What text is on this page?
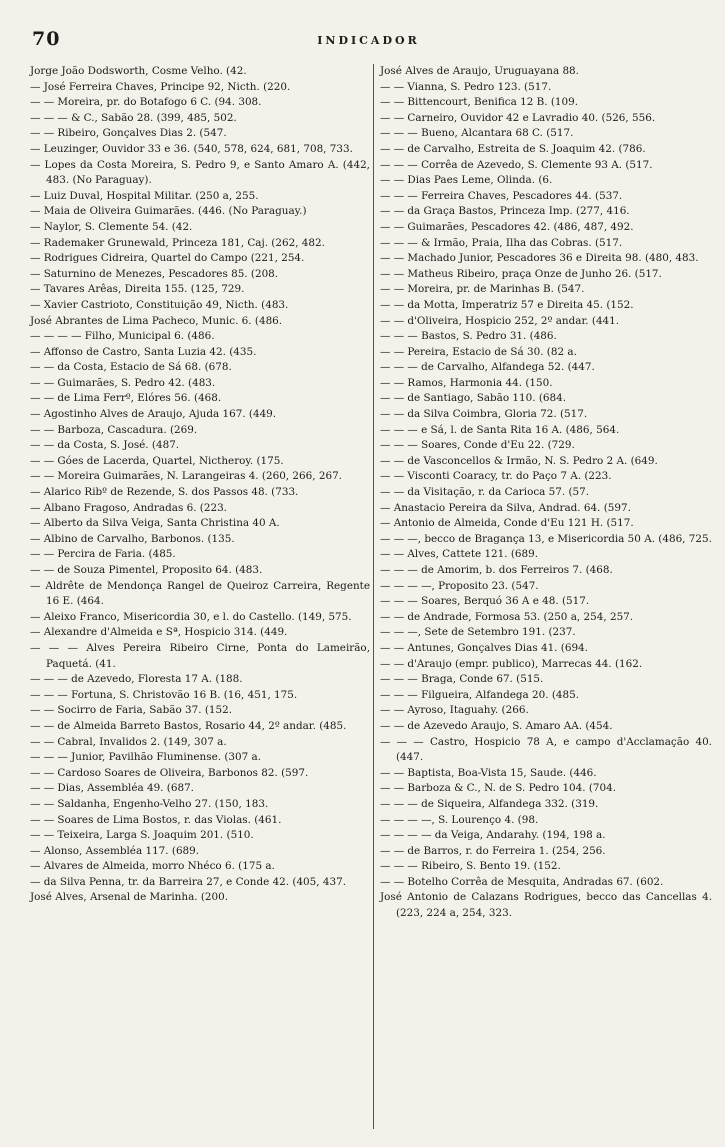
70	INDICADOR
Jorge João Dodsworth, Cosme Velho. (42.
— José Ferreira Chaves, Principe 92, Nicth. (220.
— — Moreira, pr. do Botafogo 6 C. (94. 308.
— — — & C., Sabão 28. (399, 485, 502.
— — Ribeiro, Gonçalves Dias 2. (547.
— Leuzinger, Ouvidor 33 e 36. (540, 578, 624, 681, 708, 733.
— Lopes da Costa Moreira, S. Pedro 9, e Santo Amaro A. (442, 483. (No Paraguay).
— Luiz Duval, Hospital Militar. (250 a, 255.
— Maia de Oliveira Guimarães. (446. (No Paraguay.)
— Naylor, S. Clemente 54. (42.
— Rademaker Grunewald, Princeza 181, Caj. (262, 482.
— Rodrigues Cidreira, Quartel do Campo (221, 254.
— Saturnino de Menezes, Pescadores 85. (208.
— Tavares Arêas, Direita 155. (125, 729.
— Xavier Castrioto, Constituição 49, Nicth. (483.
José Abrantes de Lima Pacheco, Munic. 6. (486.
— — — — Filho, Municipal 6. (486.
— Affonso de Castro, Santa Luzia 42. (435.
— — da Costa, Estacio de Sá 68. (678.
— — Guimarães, S. Pedro 42. (483.
— — de Lima Ferrº, Elóres 56. (468.
— Agostinho Alves de Araujo, Ajuda 167. (449.
— — Barboza, Cascadura. (269.
— — da Costa, S. José. (487.
— — Góes de Lacerda, Quartel, Nictheroy. (175.
— — Moreira Guimarães, N. Larangeiras 4. (260, 266, 267.
— Alarico Ribº de Rezende, S. dos Passos 48. (733.
— Albano Fragoso, Andradas 6. (223.
— Alberto da Silva Veiga, Santa Christina 40 A.
— Albino de Carvalho, Barbonos. (135.
— — Percira de Faria. (485.
— — de Souza Pimentel, Proposito 64. (483.
— Aldrête de Mendonça Rangel de Queiroz Carreira, Regente 16 E. (464.
— Aleixo Franco, Misericordia 30, e l. do Castello. (149, 575.
— Alexandre d'Almeida e Sª, Hospicio 314. (449.
— — — Alves Pereira Ribeiro Cirne, Ponta do Lameirão, Paquetá. (41.
— — — de Azevedo, Floresta 17 A. (188.
— — — Fortuna, S. Christovão 16 B. (16, 451, 175.
— — Socirro de Faria, Sabão 37. (152.
— — de Almeida Barreto Bastos, Rosario 44, 2º andar. (485.
— — Cabral, Invalidos 2. (149, 307 a.
— — — Junior, Pavilhão Fluminense. (307 a.
— — Cardoso Soares de Oliveira, Barbonos 82. (597.
— — Dias, Assembléa 49. (687.
— — Saldanha, Engenho-Velho 27. (150, 183.
— — Soares de Lima Bostos, r. das Violas. (461.
— — Teixeira, Larga S. Joaquim 201. (510.
— Alonso, Assembléa 117. (689.
— Alvares de Almeida, morro Nhéco 6. (175 a.
— da Silva Penna, tr. da Barreira 27, e Conde 42. (405, 437.
José Alves, Arsenal de Marinha. (200.
José Alves de Araujo, Uruguayana 88.
— — Vianna, S. Pedro 123. (517.
— — Bittencourt, Benifica 12 B. (109.
— — Carneiro, Ouvidor 42 e Lavradio 40. (526, 556.
— — — Bueno, Alcantara 68 C. (517.
— — de Carvalho, Estreita de S. Joaquim 42. (786.
— — — Corrêa de Azevedo, S. Clemente 93 A. (517.
— — Dias Paes Leme, Olinda. (6.
— — — Ferreira Chaves, Pescadores 44. (537.
— — da Graça Bastos, Princeza Imp. (277, 416.
— — Guimarães, Pescadores 42. (486, 487, 492.
— — — & Irmão, Praia, Ilha das Cobras. (517.
— — Machado Junior, Pescadores 36 e Direita 98. (480, 483.
— — Matheus Ribeiro, praça Onze de Junho 26. (517.
— — Moreira, pr. de Marinhas B. (547.
— — da Motta, Imperatriz 57 e Direita 45. (152.
— — d'Oliveira, Hospicio 252, 2º andar. (441.
— — — Bastos, S. Pedro 31. (486.
— — Pereira, Estacio de Sá 30. (82 a.
— — — de Carvalho, Alfandega 52. (447.
— — Ramos, Harmonia 44. (150.
— — de Santiago, Sabão 110. (684.
— — da Silva Coimbra, Gloria 72. (517.
— — — e Sá, l. de Santa Rita 16 A. (486, 564.
— — — Soares, Conde d'Eu 22. (729.
— — de Vasconcellos & Irmão, N. S. Pedro 2 A. (649.
— — Visconti Coaracy, tr. do Paço 7 A. (223.
— — da Visitação, r. da Carioca 57. (57.
— Anastacio Pereira da Silva, Andrad. 64. (597.
— Antonio de Almeida, Conde d'Eu 121 H. (517.
— — —, becco de Bragança 13, e Misericordia 50 A. (486, 725.
— — Alves, Cattete 121. (689.
— — — de Amorim, b. dos Ferreiros 7. (468.
— — — —, Proposito 23. (547.
— — — Soares, Berquó 36 A e 48. (517.
— — de Andrade, Formosa 53. (250 a, 254, 257.
— — —, Sete de Setembro 191. (237.
— — Antunes, Gonçalves Dias 41. (694.
— — d'Araujo (empr. publico), Marrecas 44. (162.
— — — Braga, Conde 67. (515.
— — — Filgueira, Alfandega 20. (485.
— — Ayroso, Itaguahy. (266.
— — de Azevedo Araujo, S. Amaro AA. (454.
— — — Castro, Hospicio 78 A, e campo d'Acclamação 40. (447.
— — Baptista, Boa-Vista 15, Saude. (446.
— — Barboza & C., N. de S. Pedro 104. (704.
— — — de Siqueira, Alfandega 332. (319.
— — — —, S. Lourenço 4. (98.
— — — — da Veiga, Andarahy. (194, 198 a.
— — de Barros, r. do Ferreira 1. (254, 256.
— — — Ribeiro, S. Bento 19. (152.
— — Botelho Corrêa de Mesquita, Andradas 67. (602.
José Antonio de Calazans Rodrigues, becco das Cancellas 4. (223, 224 a, 254, 323.
